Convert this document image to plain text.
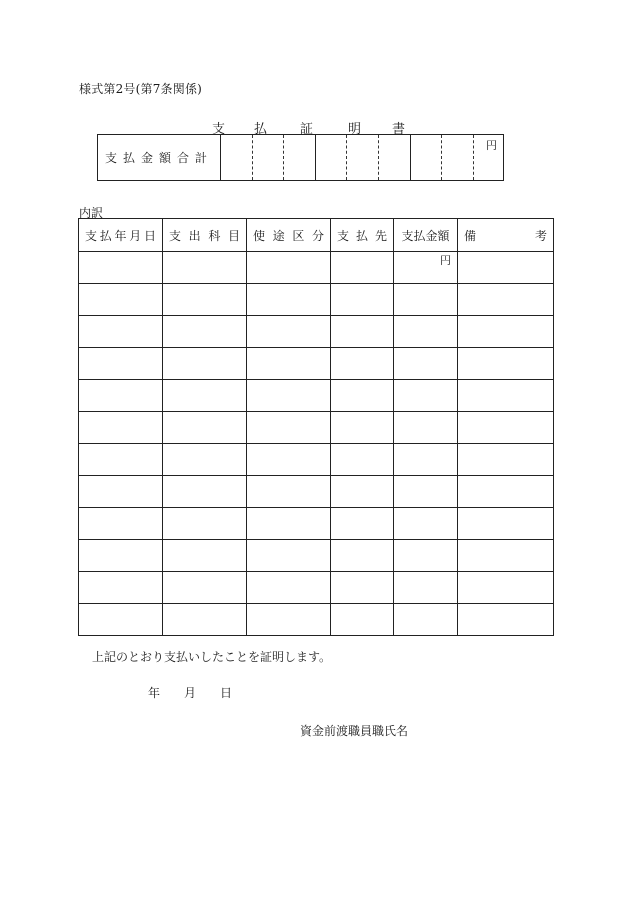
様式第2号(第7条関係)
支	払	証	明	書
支払金額合計
円
内訳
支 払 年 月 日	支 出 科 目	使 途 区 分	支 払 先	支払金額	備 考

				円	

上記のとおり支払いしたことを証明します。
年	月	日
資金前渡職員職氏名
